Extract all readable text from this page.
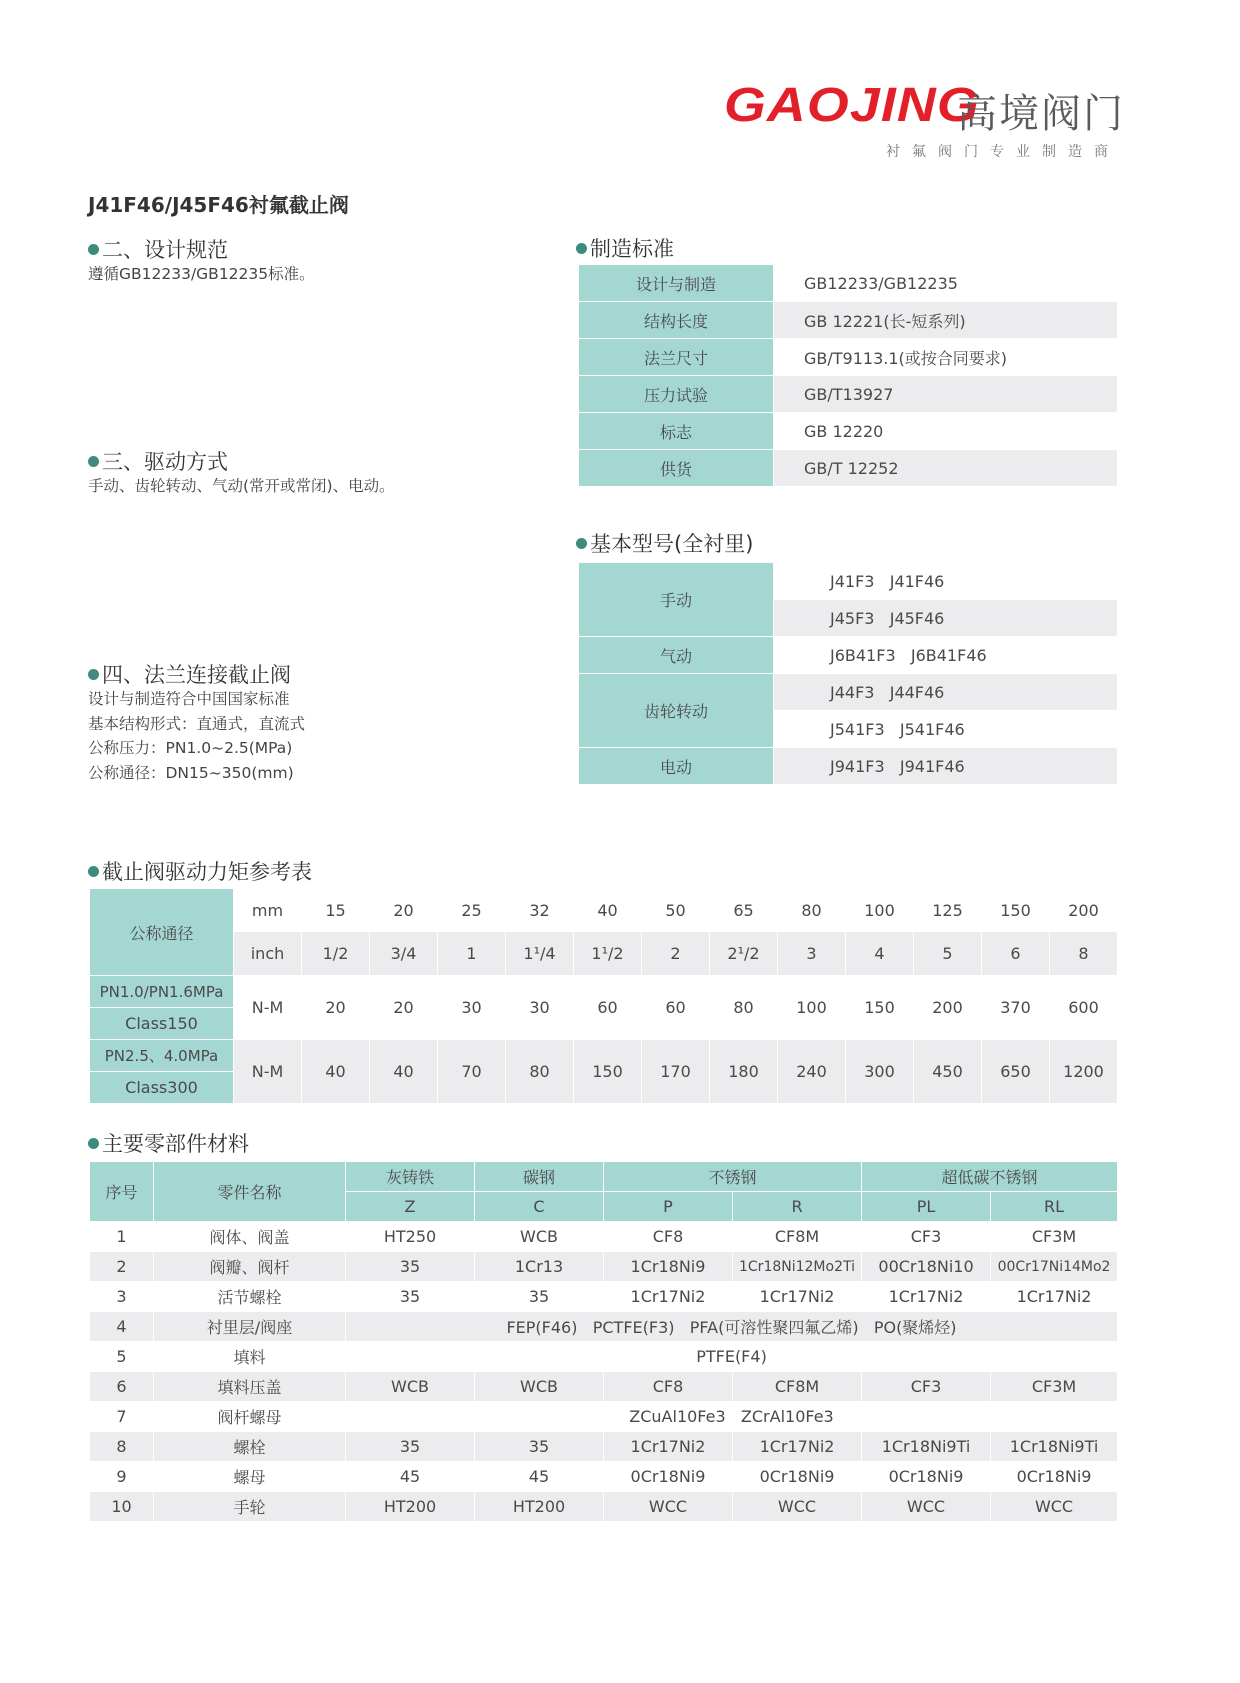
GAOJING
高境阀门
衬氟阀门专业制造商
J41F46/J45F46衬氟截止阀
二、设计规范
遵循GB12233/GB12235标准。
三、驱动方式
手动、齿轮转动、气动(常开或常闭)、电动。
四、法兰连接截止阀
设计与制造符合中国国家标准
基本结构形式：直通式，直流式
公称压力：PN1.0~2.5(MPa)
公称通径：DN15~350(mm)
制造标准
设计与制造	GB12233/GB12235
结构长度	GB 12221(长-短系列)
法兰尺寸	GB/T9113.1(或按合同要求)
压力试验	GB/T13927
标志	GB 12220
供货	GB/T 12252
基本型号(全衬里)
手动	J41F3   J41F46
	J45F3   J45F46
气动	J6B41F3   J6B41F46
齿轮转动	J44F3   J44F46
	J541F3   J541F46
电动	J941F3   J941F46
截止阀驱动力矩参考表
公称通径	mm	15	20	25	32	40	50	65	80	100	125	150	200
	inch	1/2	3/4	1	1¹/4	1¹/2	2	2¹/2	3	4	5	6	8
PN1.0/PN1.6MPa	N-M	20	20	30	30	60	60	80	100	150	200	370	600
Class150													
PN2.5、4.0MPa	N-M	40	40	70	80	150	170	180	240	300	450	650	1200
Class300													
主要零部件材料
序号	零件名称	灰铸铁	碳钢	不锈钢		超低碳不锈钢	
		Z	C	P	R	PL	RL
1	阀体、阀盖	HT250	WCB	CF8	CF8M	CF3	CF3M
2	阀瓣、阀杆	35	1Cr13	1Cr18Ni9	1Cr18Ni12Mo2Ti	00Cr18Ni10	00Cr17Ni14Mo2
3	活节螺栓	35	35	1Cr17Ni2	1Cr17Ni2	1Cr17Ni2	1Cr17Ni2
4	衬里层/阀座	FEP(F46)   PCTFE(F3)   PFA(可溶性聚四氟乙烯)   PO(聚烯烃)					
5	填料	PTFE(F4)					
6	填料压盖	WCB	WCB	CF8	CF8M	CF3	CF3M
7	阀杆螺母	ZCuAl10Fe3   ZCrAl10Fe3					
8	螺栓	35	35	1Cr17Ni2	1Cr17Ni2	1Cr18Ni9Ti	1Cr18Ni9Ti
9	螺母	45	45	0Cr18Ni9	0Cr18Ni9	0Cr18Ni9	0Cr18Ni9
10	手轮	HT200	HT200	WCC	WCC	WCC	WCC
